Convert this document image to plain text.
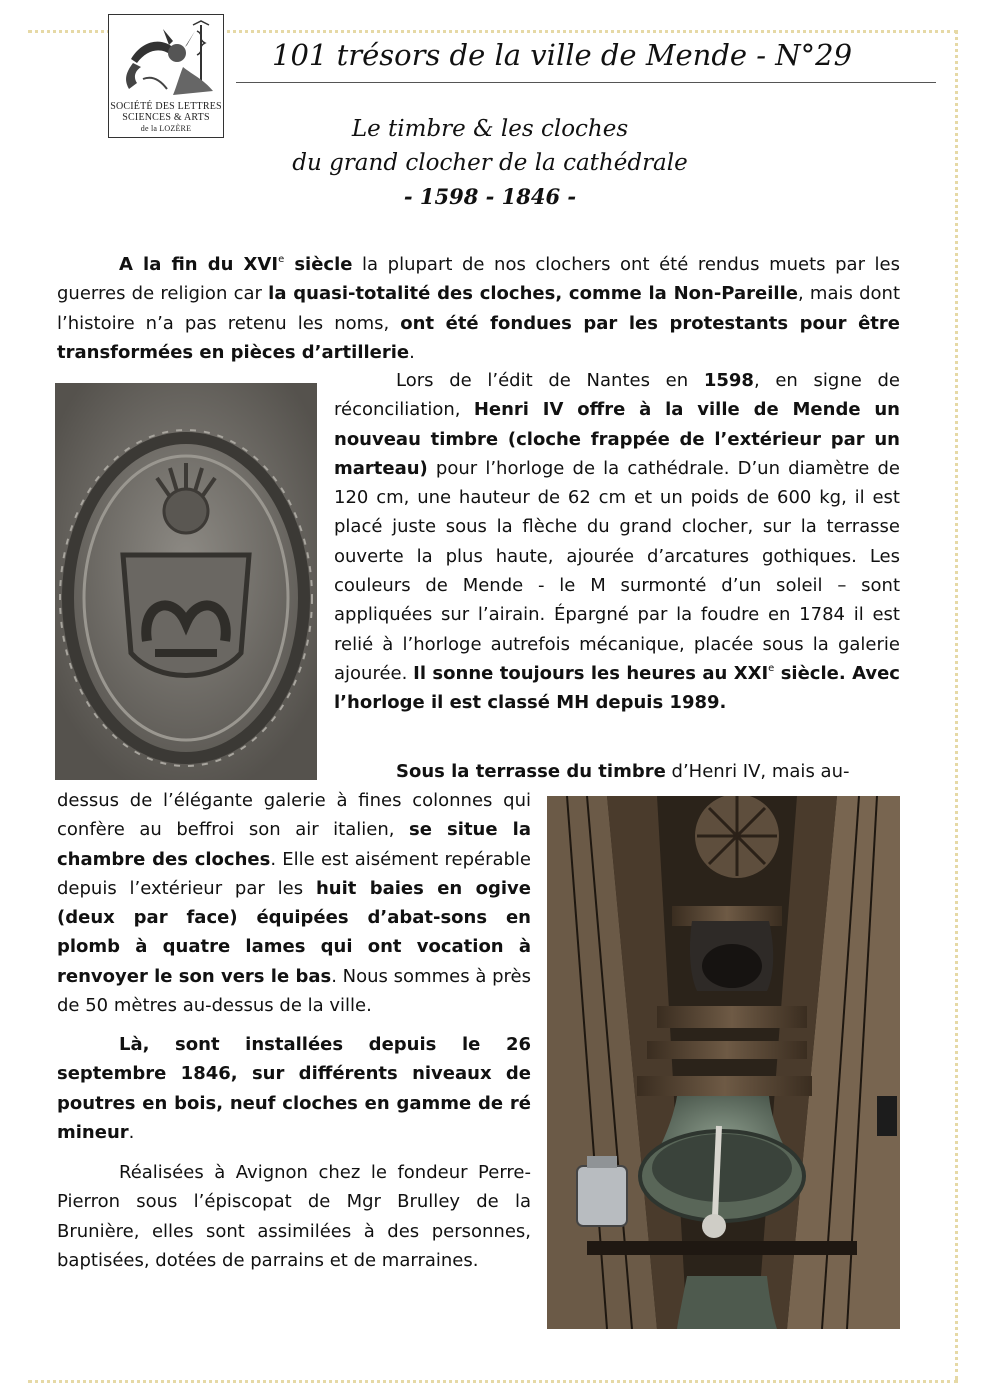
SOCIÉTÉ DES LETTRES
SCIENCES & ARTS
de la LOZÈRE
101 trésors de la ville de Mende - N°29
Le timbre & les cloches
du grand clocher de la cathédrale
- 1598 - 1846 -

A la fin du XVIe siècle la plupart de nos clochers ont été rendus muets par les guerres de religion car la quasi-totalité des cloches, comme la Non-Pareille, mais dont l’histoire n’a pas retenu les noms, ont été fondues par les protestants pour être transformées en pièces d’artillerie.

Lors de l’édit de Nantes en 1598, en signe de réconciliation, Henri IV offre à la ville de Mende un nouveau timbre (cloche frappée de l’extérieur par un marteau) pour l’horloge de la cathédrale. D’un diamètre de 120 cm, une hauteur de 62 cm et un poids de 600 kg, il est placé juste sous la flèche du grand clocher, sur la terrasse ouverte la plus haute, ajourée d’arcatures gothiques. Les couleurs de Mende - le M surmonté d’un soleil – sont appliquées sur l’airain. Épargné par la foudre en 1784 il est relié à l’horloge autrefois mécanique, placée sous la galerie ajourée. Il sonne toujours les heures au XXIe siècle. Avec l’horloge il est classé MH depuis 1989.

Sous la terrasse du timbre d’Henri IV, mais au-

dessus de l’élégante galerie à fines colonnes qui confère au beffroi son air italien, se situe la chambre des cloches. Elle est aisément repérable depuis l’extérieur par les huit baies en ogive (deux par face) équipées d’abat-sons en plomb à quatre lames qui ont vocation à renvoyer le son vers le bas. Nous sommes à près de 50 mètres au-dessus de la ville.

Là, sont installées depuis le 26 septembre 1846, sur différents niveaux de poutres en bois, neuf cloches en gamme de ré mineur.

Réalisées à Avignon chez le fondeur Perre-Pierron sous l’épiscopat de Mgr Brulley de la Brunière, elles sont assimilées à des personnes, baptisées, dotées de parrains et de marraines.
